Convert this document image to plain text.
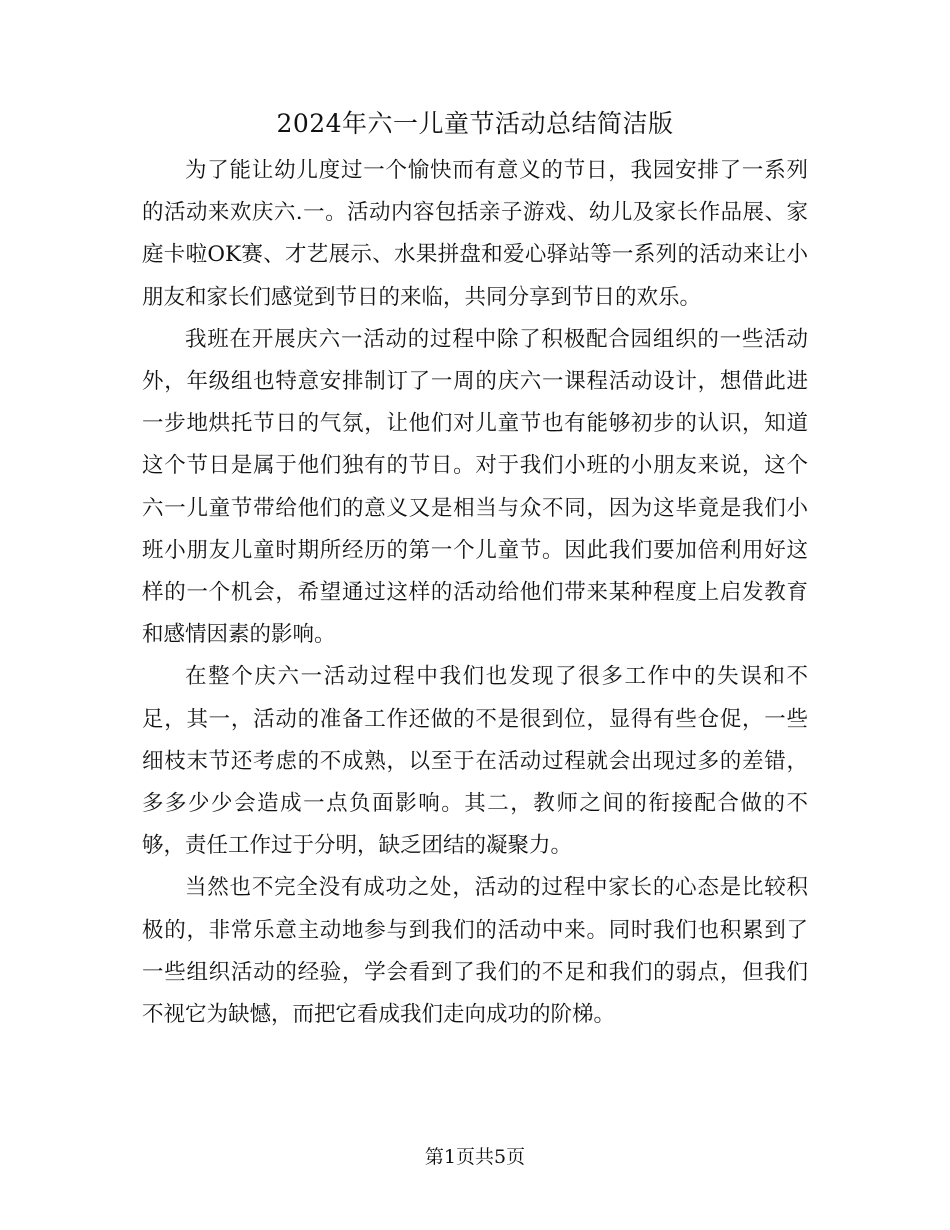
2024年六一儿童节活动总结简洁版

为了能让幼儿度过一个愉快而有意义的节日，我园安排了一系列的活动来欢庆六.一。活动内容包括亲子游戏、幼儿及家长作品展、家庭卡啦OK赛、才艺展示、水果拼盘和爱心驿站等一系列的活动来让小朋友和家长们感觉到节日的来临，共同分享到节日的欢乐。

我班在开展庆六一活动的过程中除了积极配合园组织的一些活动外，年级组也特意安排制订了一周的庆六一课程活动设计，想借此进一步地烘托节日的气氛，让他们对儿童节也有能够初步的认识，知道这个节日是属于他们独有的节日。对于我们小班的小朋友来说，这个六一儿童节带给他们的意义又是相当与众不同，因为这毕竟是我们小班小朋友儿童时期所经历的第一个儿童节。因此我们要加倍利用好这样的一个机会，希望通过这样的活动给他们带来某种程度上启发教育和感情因素的影响。

在整个庆六一活动过程中我们也发现了很多工作中的失误和不足，其一，活动的准备工作还做的不是很到位，显得有些仓促，一些细枝末节还考虑的不成熟，以至于在活动过程就会出现过多的差错，多多少少会造成一点负面影响。其二，教师之间的衔接配合做的不够，责任工作过于分明，缺乏团结的凝聚力。

当然也不完全没有成功之处，活动的过程中家长的心态是比较积极的，非常乐意主动地参与到我们的活动中来。同时我们也积累到了一些组织活动的经验，学会看到了我们的不足和我们的弱点，但我们不视它为缺憾，而把它看成我们走向成功的阶梯。

第1页共5页
